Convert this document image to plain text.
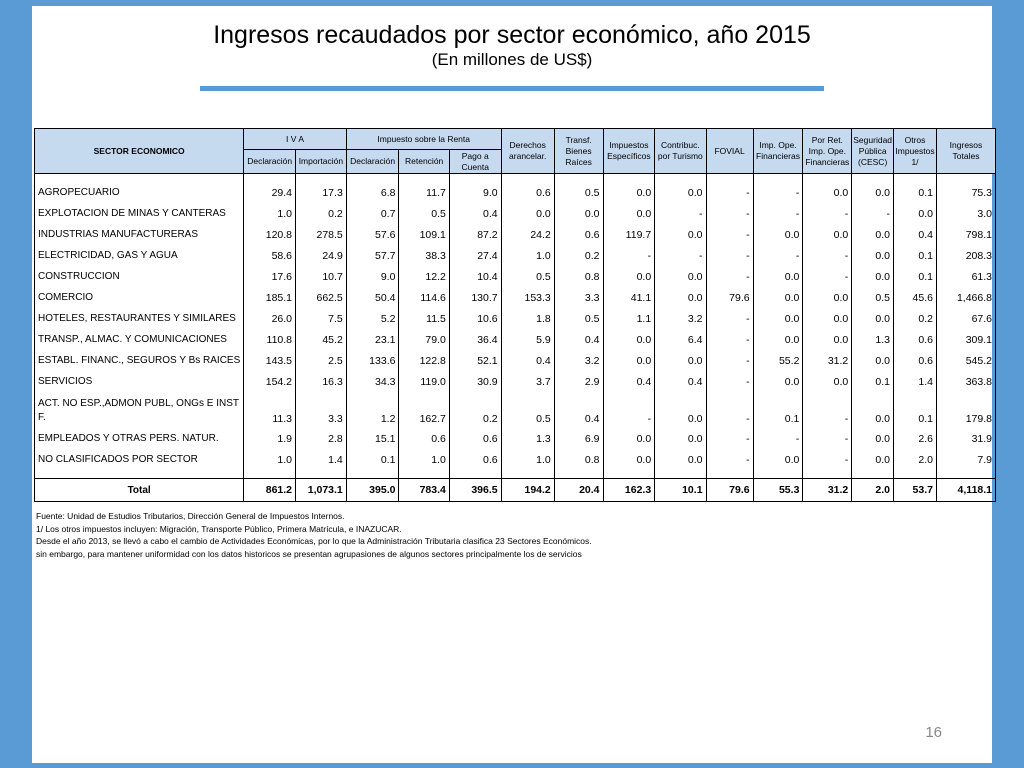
Ingresos recaudados por sector económico, año 2015
(En millones de US$)
SECTOR ECONOMICO	I V A		Impuesto sobre la Renta			Derechos arancelar.	Transf. Bienes Raíces	Impuestos Específicos	Contribuc. por Turismo	FOVIAL	Imp. Ope. Financieras	Por Ret. Imp. Ope. Financieras	Seguridad Pública (CESC)	Otros Impuestos 1/	Ingresos Totales
	Declaración	Importación	Declaración	Retención	Pago a Cuenta										

AGROPECUARIO	29.4	17.3	6.8	11.7	9.0	0.6	0.5	0.0	0.0	-	-	0.0	0.0	0.1	75.3
EXPLOTACION DE MINAS Y CANTERAS	1.0	0.2	0.7	0.5	0.4	0.0	0.0	0.0	-	-	-	-	-	0.0	3.0
INDUSTRIAS MANUFACTURERAS	120.8	278.5	57.6	109.1	87.2	24.2	0.6	119.7	0.0	-	0.0	0.0	0.0	0.4	798.1
ELECTRICIDAD, GAS Y AGUA	58.6	24.9	57.7	38.3	27.4	1.0	0.2	-	-	-	-	-	0.0	0.1	208.3
CONSTRUCCION	17.6	10.7	9.0	12.2	10.4	0.5	0.8	0.0	0.0	-	0.0	-	0.0	0.1	61.3
COMERCIO	185.1	662.5	50.4	114.6	130.7	153.3	3.3	41.1	0.0	79.6	0.0	0.0	0.5	45.6	1,466.8
HOTELES, RESTAURANTES Y SIMILARES	26.0	7.5	5.2	11.5	10.6	1.8	0.5	1.1	3.2	-	0.0	0.0	0.0	0.2	67.6
TRANSP., ALMAC. Y COMUNICACIONES	110.8	45.2	23.1	79.0	36.4	5.9	0.4	0.0	6.4	-	0.0	0.0	1.3	0.6	309.1
ESTABL. FINANC., SEGUROS Y Bs RAICES	143.5	2.5	133.6	122.8	52.1	0.4	3.2	0.0	0.0	-	55.2	31.2	0.0	0.6	545.2
SERVICIOS	154.2	16.3	34.3	119.0	30.9	3.7	2.9	0.4	0.4	-	0.0	0.0	0.1	1.4	363.8
ACT. NO ESP.,ADMON PUBL, ONGs E INST F.	11.3	3.3	1.2	162.7	0.2	0.5	0.4	-	0.0	-	0.1	-	0.0	0.1	179.8
EMPLEADOS Y OTRAS PERS. NATUR.	1.9	2.8	15.1	0.6	0.6	1.3	6.9	0.0	0.0	-	-	-	0.0	2.6	31.9
NO CLASIFICADOS POR SECTOR	1.0	1.4	0.1	1.0	0.6	1.0	0.8	0.0	0.0	-	0.0	-	0.0	2.0	7.9

Total	861.2	1,073.1	395.0	783.4	396.5	194.2	20.4	162.3	10.1	79.6	55.3	31.2	2.0	53.7	4,118.1
Fuente: Unidad de Estudios Tributarios, Dirección General de Impuestos Internos.
1/ Los otros impuestos incluyen: Migración, Transporte Público, Primera Matrícula, e INAZUCAR.
Desde el año 2013, se llevó a cabo el cambio de Actividades Económicas, por lo que la Administración Tributaria clasifica 23 Sectores Económicos.
sin embargo, para mantener uniformidad con los datos historicos se presentan agrupasiones de algunos sectores principalmente los de servicios
16
